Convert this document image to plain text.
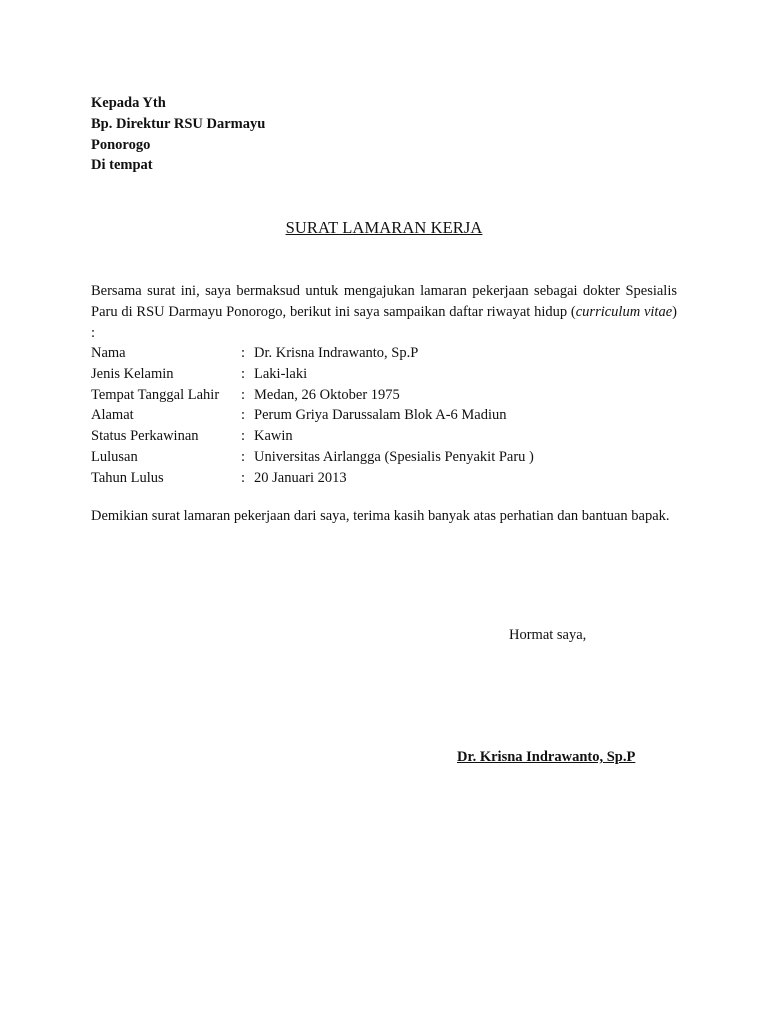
Kepada Yth
Bp. Direktur RSU Darmayu
Ponorogo
Di tempat
SURAT LAMARAN KERJA
Bersama surat ini, saya bermaksud untuk mengajukan lamaran pekerjaan sebagai dokter Spesialis Paru di RSU Darmayu Ponorogo, berikut ini saya sampaikan daftar riwayat hidup (curriculum vitae) :
Nama	: Dr. Krisna Indrawanto, Sp.P
Jenis Kelamin	: Laki-laki
Tempat Tanggal Lahir	: Medan, 26 Oktober 1975
Alamat	: Perum Griya Darussalam Blok A-6 Madiun
Status Perkawinan	: Kawin
Lulusan	: Universitas Airlangga (Spesialis Penyakit Paru )
Tahun Lulus	: 20 Januari 2013
Demikian surat lamaran pekerjaan dari saya, terima kasih banyak atas perhatian dan bantuan bapak.
Hormat saya,
Dr. Krisna Indrawanto, Sp.P
